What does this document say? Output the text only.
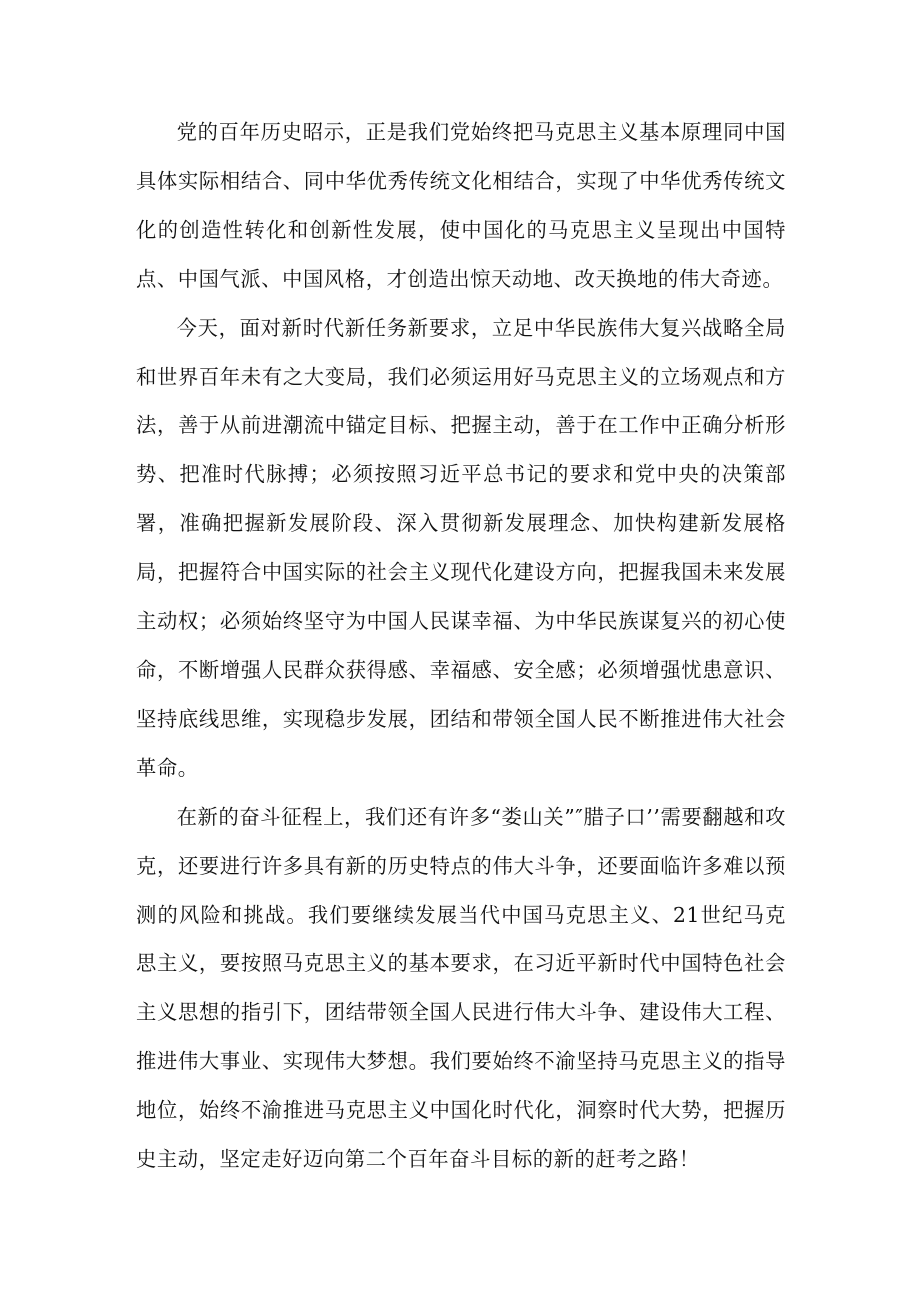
党的百年历史昭示，正是我们党始终把马克思主义基本原理同中国具体实际相结合、同中华优秀传统文化相结合，实现了中华优秀传统文化的创造性转化和创新性发展，使中国化的马克思主义呈现出中国特点、中国气派、中国风格，才创造出惊天动地、改天换地的伟大奇迹。

今天，面对新时代新任务新要求，立足中华民族伟大复兴战略全局和世界百年未有之大变局，我们必须运用好马克思主义的立场观点和方法，善于从前进潮流中锚定目标、把握主动，善于在工作中正确分析形势、把准时代脉搏；必须按照习近平总书记的要求和党中央的决策部署，准确把握新发展阶段、深入贯彻新发展理念、加快构建新发展格局，把握符合中国实际的社会主义现代化建设方向，把握我国未来发展主动权；必须始终坚守为中国人民谋幸福、为中华民族谋复兴的初心使命，不断增强人民群众获得感、幸福感、安全感；必须增强忧患意识、坚持底线思维，实现稳步发展，团结和带领全国人民不断推进伟大社会革命。

在新的奋斗征程上，我们还有许多“娄山关”″腊子口’’需要翻越和攻克，还要进行许多具有新的历史特点的伟大斗争，还要面临许多难以预测的风险和挑战。我们要继续发展当代中国马克思主义、21世纪马克思主义，要按照马克思主义的基本要求，在习近平新时代中国特色社会主义思想的指引下，团结带领全国人民进行伟大斗争、建设伟大工程、推进伟大事业、实现伟大梦想。我们要始终不渝坚持马克思主义的指导地位，始终不渝推进马克思主义中国化时代化，洞察时代大势，把握历史主动，坚定走好迈向第二个百年奋斗目标的新的赶考之路！
